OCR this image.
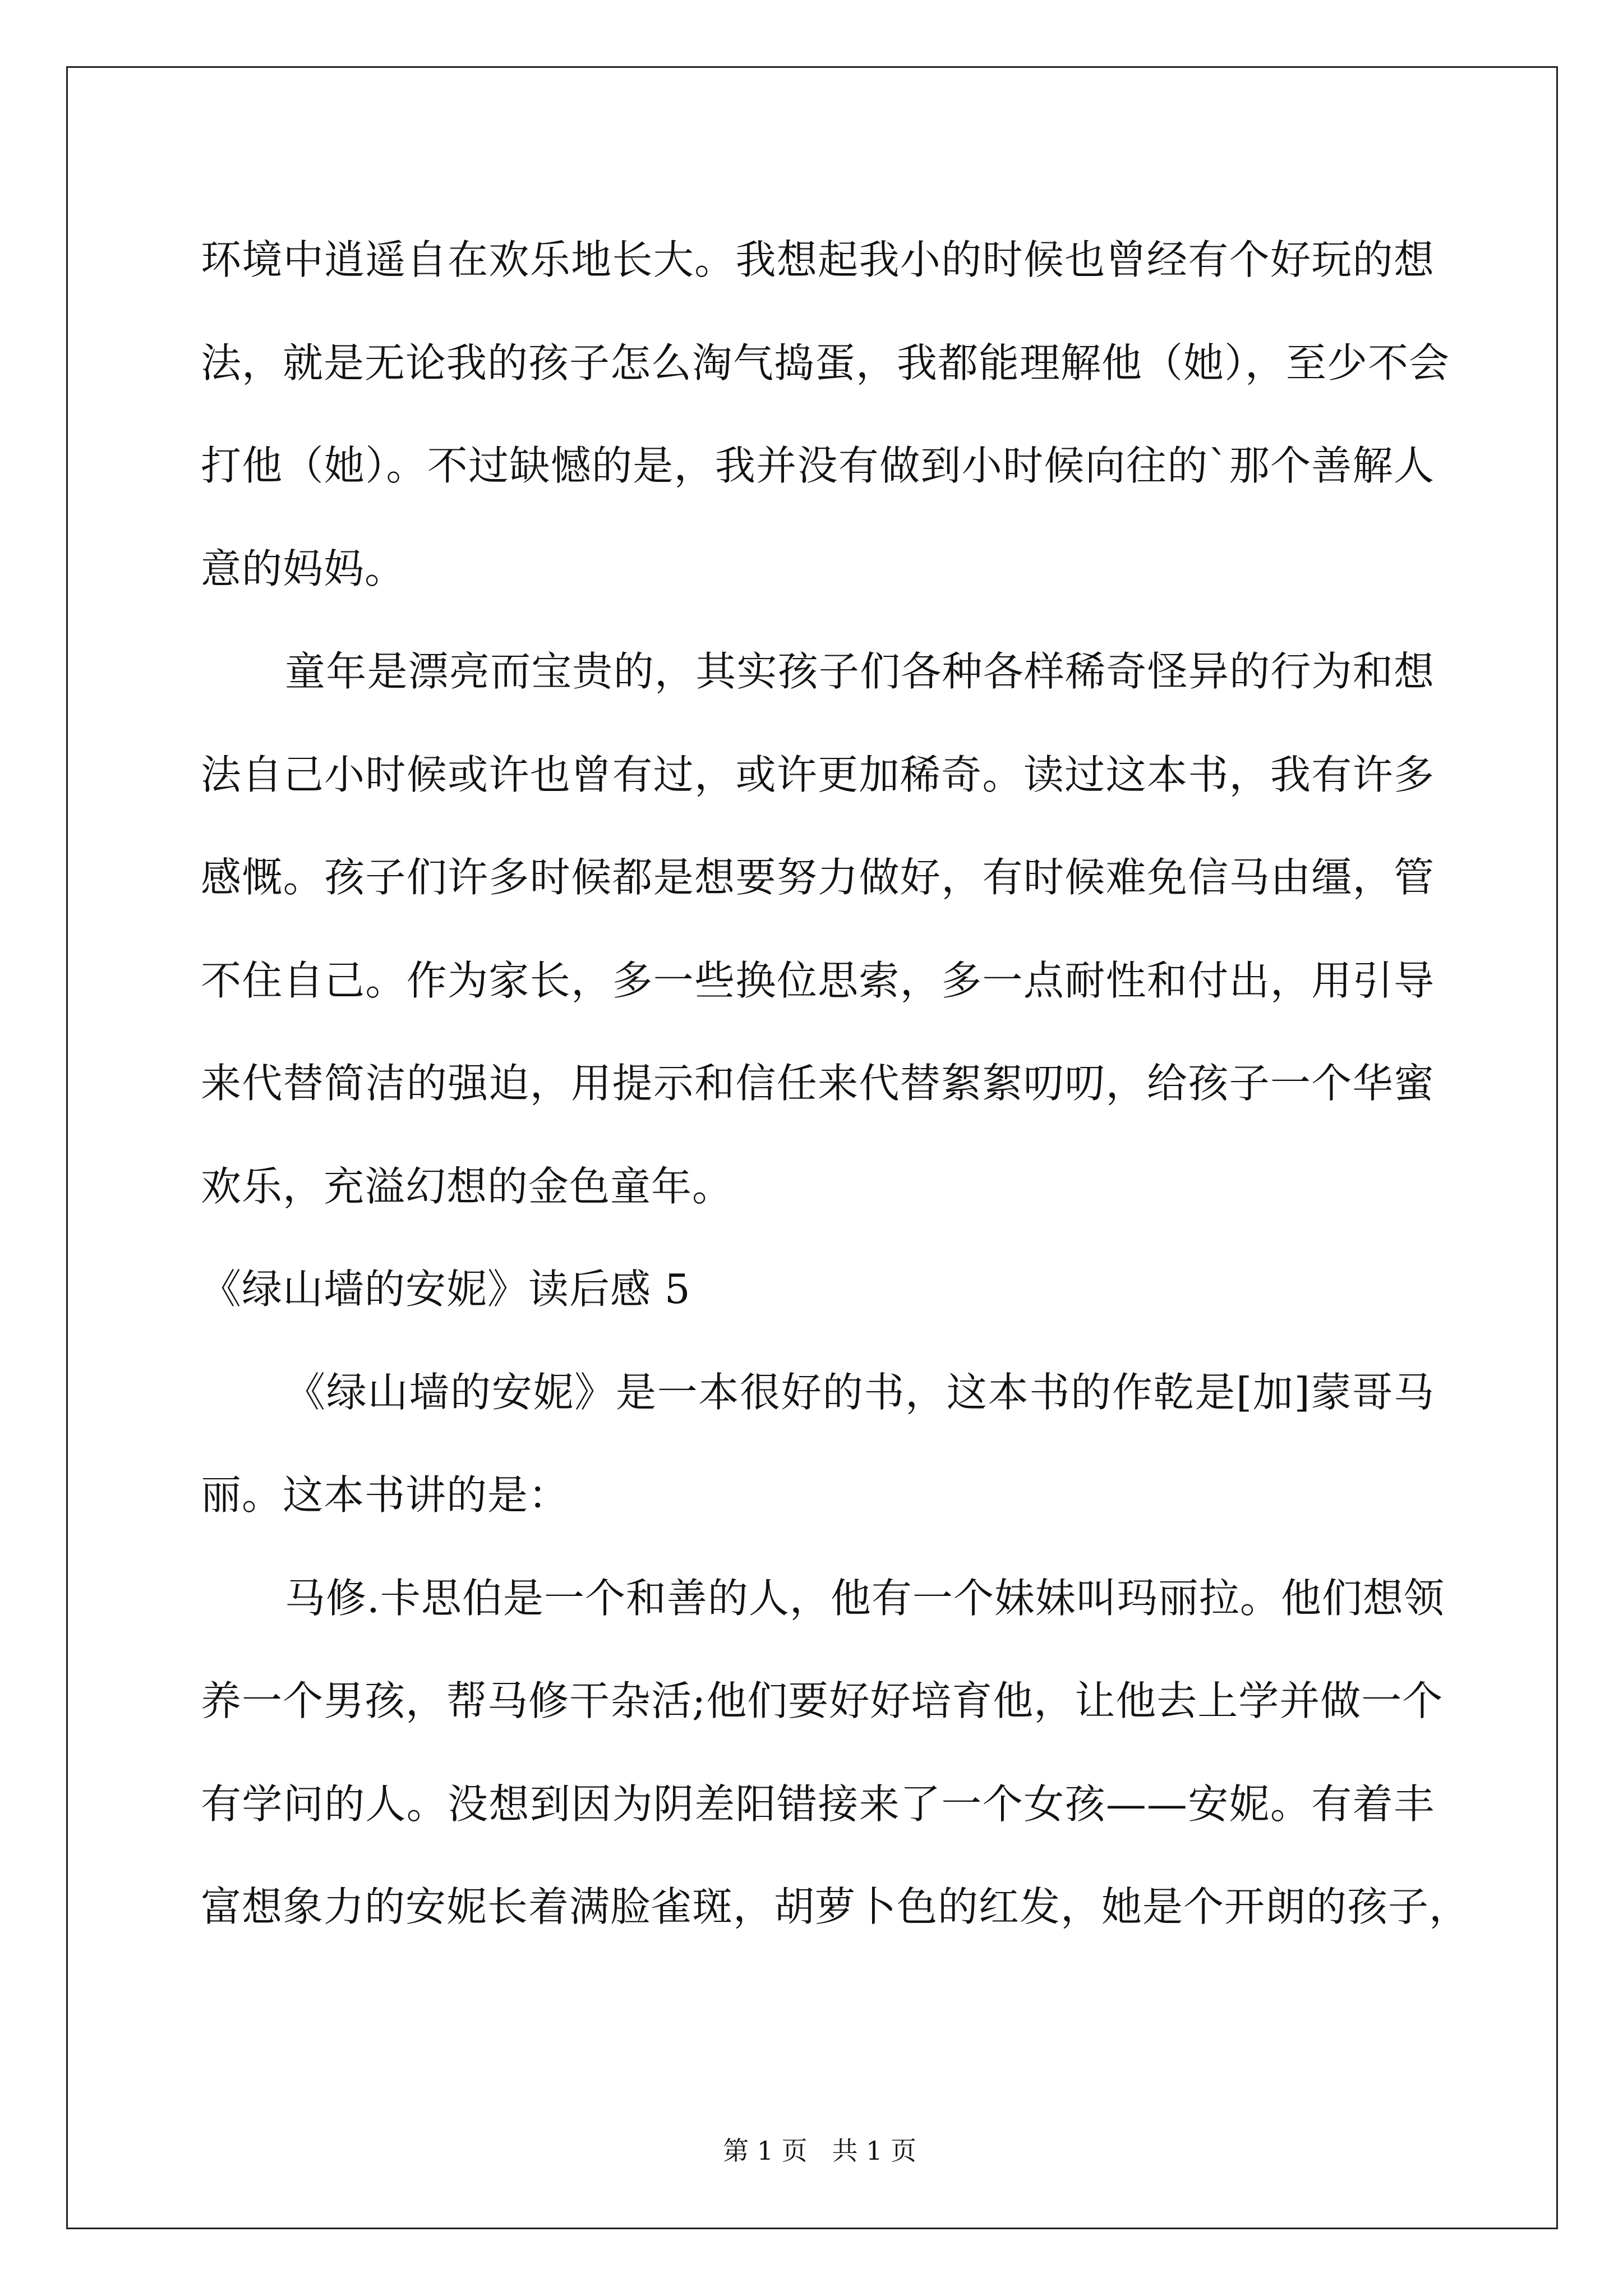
环境中逍遥自在欢乐地长大。我想起我小的时候也曾经有个好玩的想
法，就是无论我的孩子怎么淘气捣蛋，我都能理解他（她），至少不会
打他（她）。不过缺憾的是，我并没有做到小时候向往的`那个善解人
意的妈妈。
童年是漂亮而宝贵的，其实孩子们各种各样稀奇怪异的行为和想
法自己小时候或许也曾有过，或许更加稀奇。读过这本书，我有许多
感慨。孩子们许多时候都是想要努力做好，有时候难免信马由缰，管
不住自己。作为家长，多一些换位思索，多一点耐性和付出，用引导
来代替简洁的强迫，用提示和信任来代替絮絮叨叨，给孩子一个华蜜
欢乐，充溢幻想的金色童年。
《绿山墙的安妮》读后感 5
《绿山墙的安妮》是一本很好的书，这本书的作乾是[加]蒙哥马
丽。这本书讲的是：
马修.卡思伯是一个和善的人，他有一个妹妹叫玛丽拉。他们想领
养一个男孩，帮马修干杂活;他们要好好培育他，让他去上学并做一个
有学问的人。没想到因为阴差阳错接来了一个女孩——安妮。有着丰
富想象力的安妮长着满脸雀斑，胡萝卜色的红发，她是个开朗的孩子，

第 1 页   共 1 页
